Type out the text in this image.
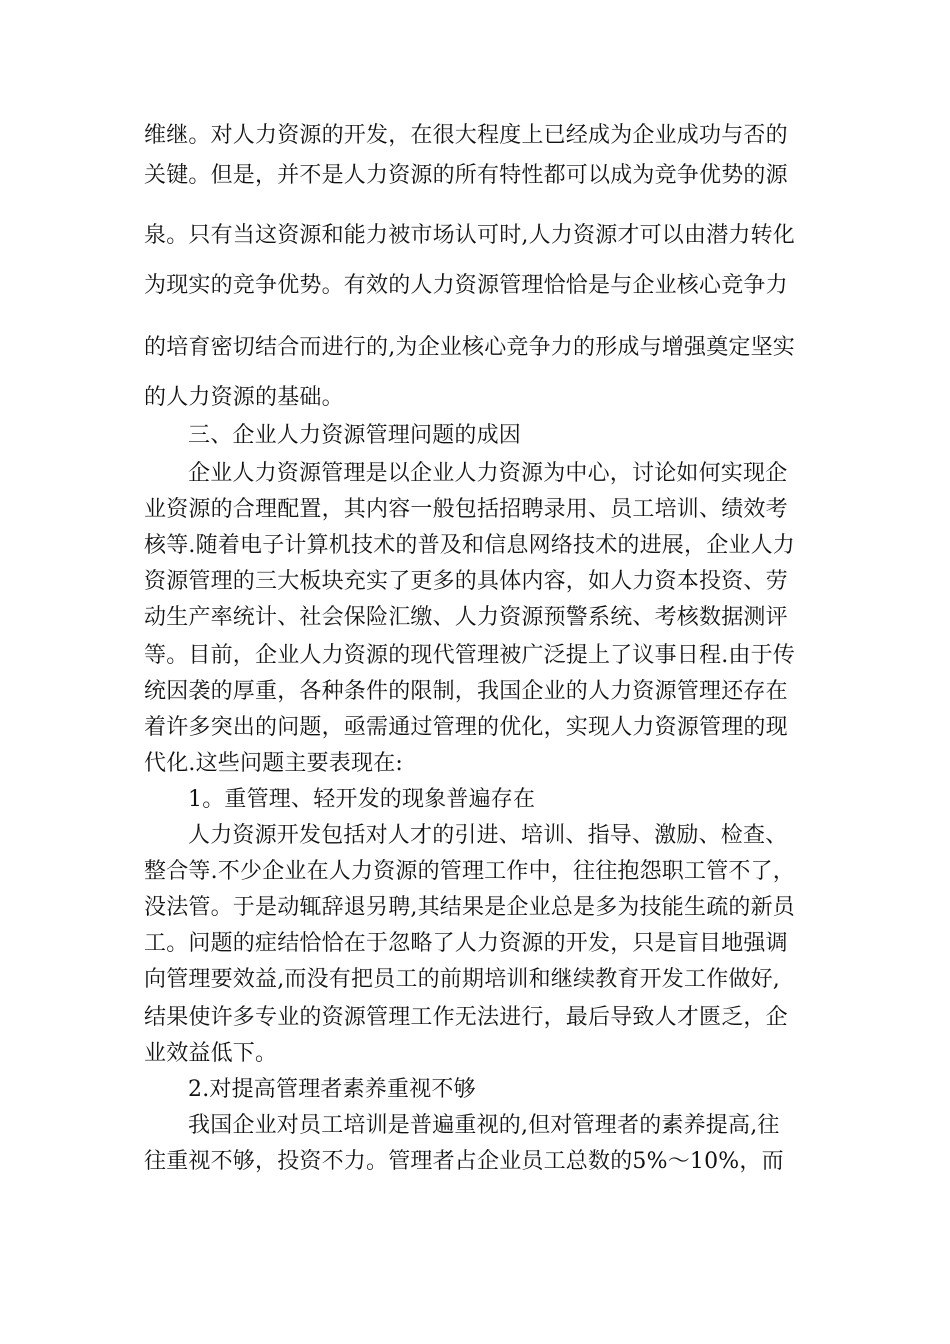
维继。对人力资源的开发，在很大程度上已经成为企业成功与否的
关键。但是，并不是人力资源的所有特性都可以成为竞争优势的源
泉。只有当这资源和能力被市场认可时,人力资源才可以由潜力转化
为现实的竞争优势。有效的人力资源管理恰恰是与企业核心竞争力
的培育密切结合而进行的,为企业核心竞争力的形成与增强奠定坚实
的人力资源的基础。
三、企业人力资源管理问题的成因
企业人力资源管理是以企业人力资源为中心，讨论如何实现企
业资源的合理配置，其内容一般包括招聘录用、员工培训、绩效考
核等.随着电子计算机技术的普及和信息网络技术的进展，企业人力
资源管理的三大板块充实了更多的具体内容，如人力资本投资、劳
动生产率统计、社会保险汇缴、人力资源预警系统、考核数据测评
等。目前，企业人力资源的现代管理被广泛提上了议事日程.由于传
统因袭的厚重，各种条件的限制，我国企业的人力资源管理还存在
着许多突出的问题，亟需通过管理的优化，实现人力资源管理的现
代化.这些问题主要表现在:
1。重管理、轻开发的现象普遍存在
人力资源开发包括对人才的引进、培训、指导、激励、检查、
整合等.不少企业在人力资源的管理工作中，往往抱怨职工管不了，
没法管。于是动辄辞退另聘,其结果是企业总是多为技能生疏的新员
工。问题的症结恰恰在于忽略了人力资源的开发，只是盲目地强调
向管理要效益,而没有把员工的前期培训和继续教育开发工作做好,
结果使许多专业的资源管理工作无法进行，最后导致人才匮乏，企
业效益低下。
2.对提高管理者素养重视不够
我国企业对员工培训是普遍重视的,但对管理者的素养提高,往
往重视不够，投资不力。管理者占企业员工总数的5%～10%，而
